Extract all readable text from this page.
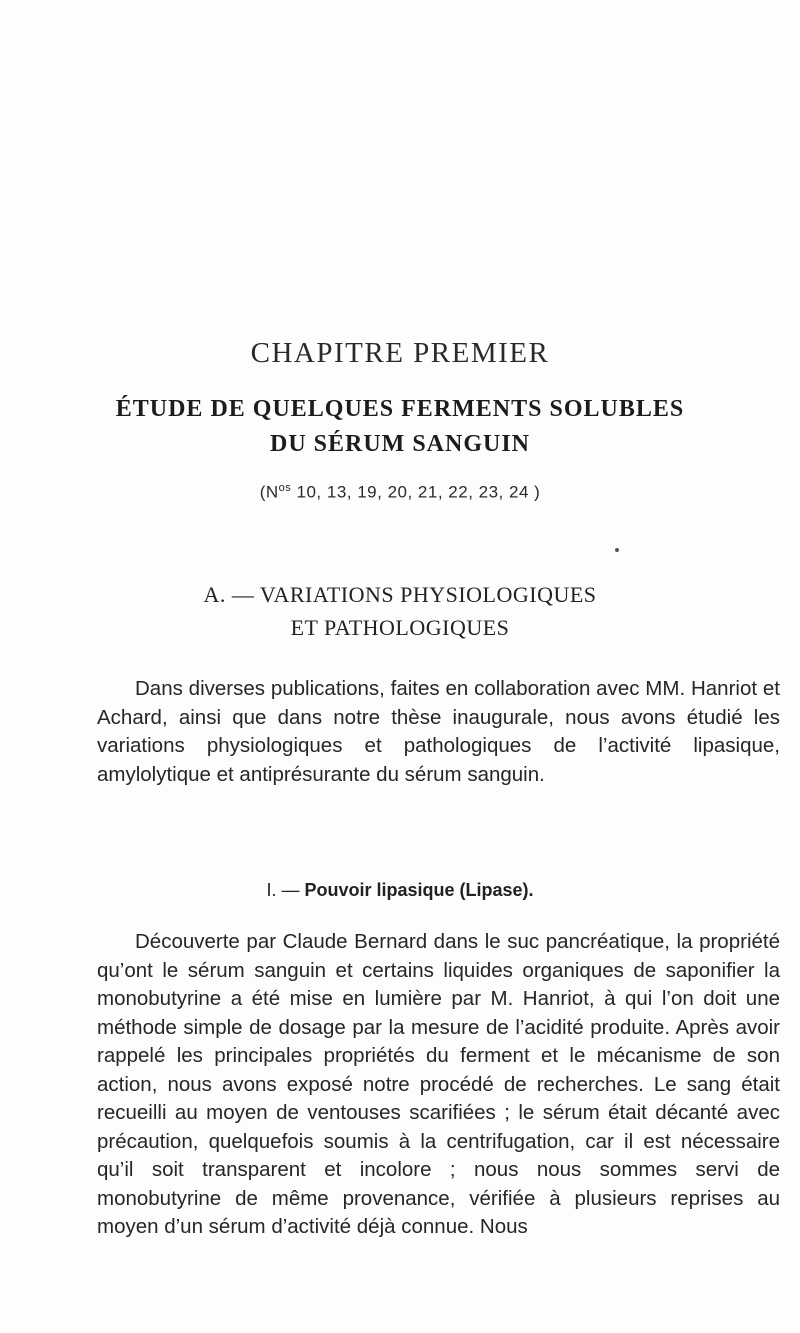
CHAPITRE PREMIER
ÉTUDE DE QUELQUES FERMENTS SOLUBLES
DU SÉRUM SANGUIN
($N^{os}$ 10, 13, 19, 20, 21, 22, 23, 24 )
A. — VARIATIONS PHYSIOLOGIQUES
ET PATHOLOGIQUES

Dans diverses publications, faites en collaboration avec MM. Hanriot et Achard, ainsi que dans notre thèse inaugurale, nous avons étudié les variations physiologiques et pathologiques de l’activité lipasique, amylolytique et antiprésurante du sérum sanguin.

I. — Pouvoir lipasique (Lipase).

Découverte par Claude Bernard dans le suc pancréatique, la propriété qu’ont le sérum sanguin et certains liquides organiques de saponifier la monobutyrine a été mise en lumière par M. Hanriot, à qui l’on doit une méthode simple de dosage par la mesure de l’acidité produite. Après avoir rappelé les principales propriétés du ferment et le mécanisme de son action, nous avons exposé notre procédé de recherches. Le sang était recueilli au moyen de ventouses scarifiées ; le sérum était décanté avec précaution, quelquefois soumis à la centrifugation, car il est nécessaire qu’il soit transparent et incolore ; nous nous sommes servi de monobutyrine de même provenance, vérifiée à plusieurs reprises au moyen d’un sérum d’activité déjà connue. Nous
